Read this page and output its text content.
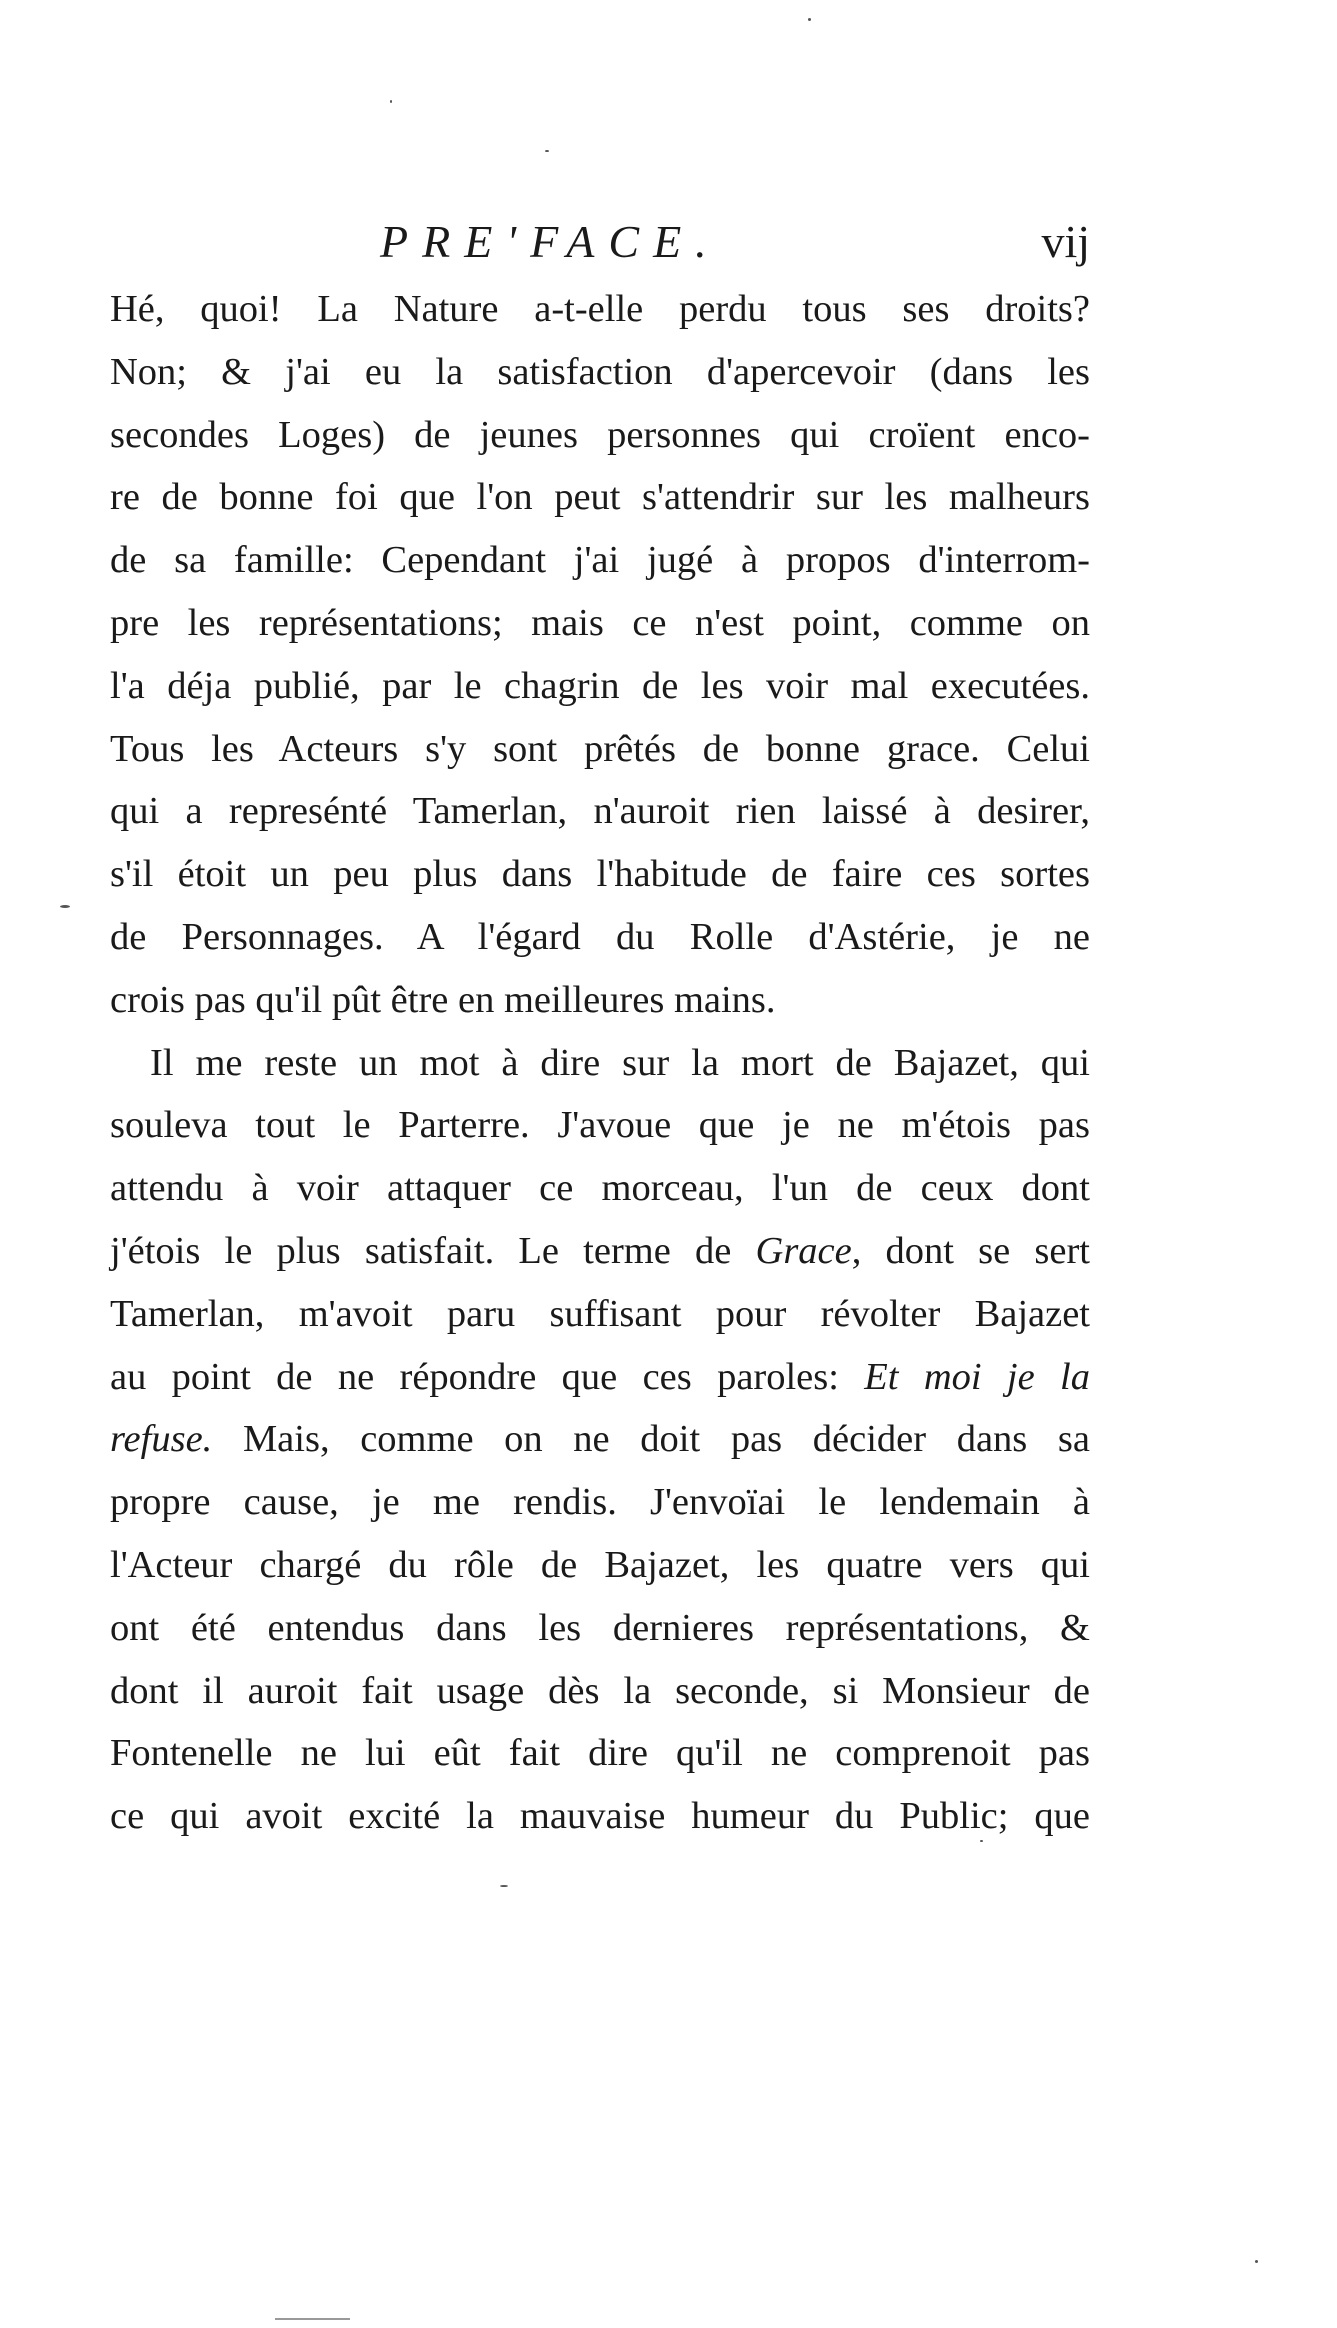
PRE'FACE.	vij
Hé, quoi! La Nature a-t-elle perdu tous ses droits?
Non; & j'ai eu la satisfaction d'apercevoir (dans les
secondes Loges) de jeunes personnes qui croïent enco-
re de bonne foi que l'on peut s'attendrir sur les malheurs
de sa famille: Cependant j'ai jugé à propos d'interrom-
pre les représentations; mais ce n'est point, comme on
l'a déja publié, par le chagrin de les voir mal executées.
Tous les Acteurs s'y sont prêtés de bonne grace. Celui
qui a represénté Tamerlan, n'auroit rien laissé à desirer,
s'il étoit un peu plus dans l'habitude de faire ces sortes
de Personnages. A l'égard du Rolle d'Astérie, je ne
crois pas qu'il pût être en meilleures mains.
Il me reste un mot à dire sur la mort de Bajazet, qui
souleva tout le Parterre. J'avoue que je ne m'étois pas
attendu à voir attaquer ce morceau, l'un de ceux dont
j'étois le plus satisfait. Le terme de Grace, dont se sert
Tamerlan, m'avoit paru suffisant pour révolter Bajazet
au point de ne répondre que ces paroles: Et moi je la
refuse. Mais, comme on ne doit pas décider dans sa
propre cause, je me rendis. J'envoïai le lendemain à
l'Acteur chargé du rôle de Bajazet, les quatre vers qui
ont été entendus dans les dernieres représentations, &
dont il auroit fait usage dès la seconde, si Monsieur de
Fontenelle ne lui eût fait dire qu'il ne comprenoit pas
ce qui avoit excité la mauvaise humeur du Public; que
